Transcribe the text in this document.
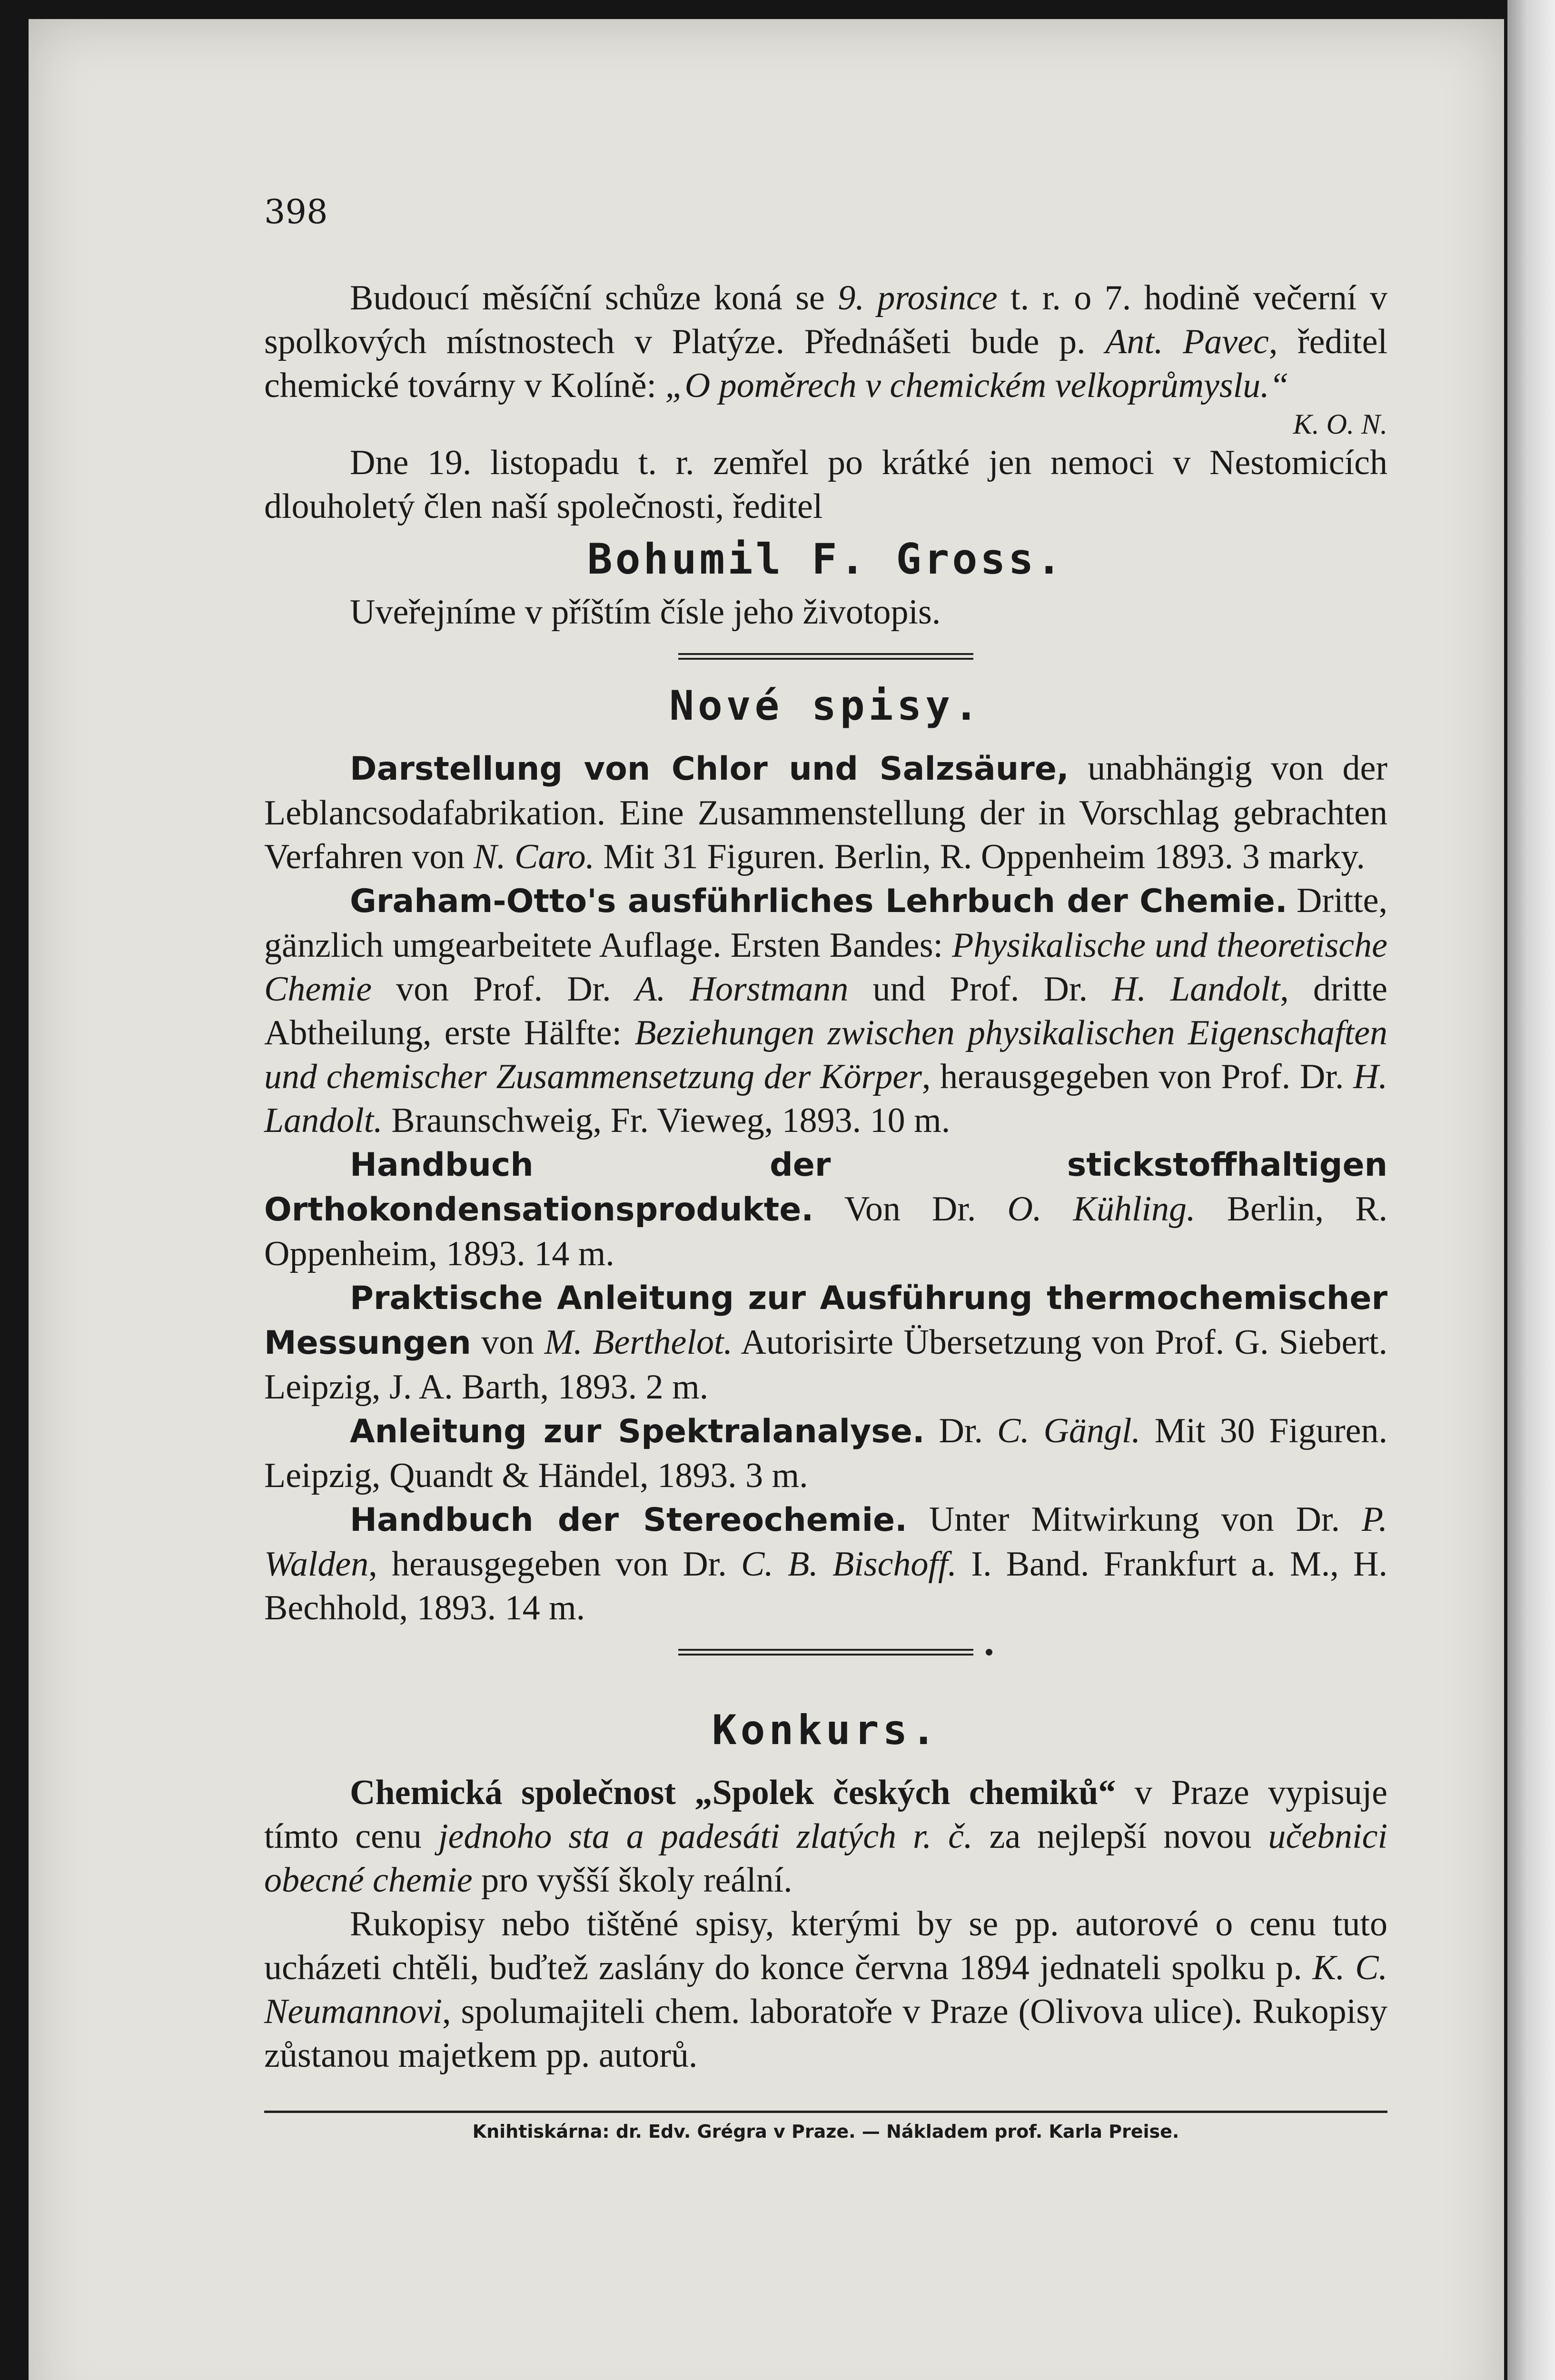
398

Budoucí měsíční schůze koná se 9. prosince t. r. o 7. hodině večerní v spolkových místnostech v Platýze. Přednášeti bude p. Ant. Pavec, ředitel chemické továrny v Kolíně: „O poměrech v chemickém velkoprůmyslu.“

K. O. N.

Dne 19. listopadu t. r. zemřel po krátké jen nemoci v Nestomicích dlouholetý člen naší společnosti, ředitel

Bohumil F. Gross.

Uveřejníme v příštím čísle jeho životopis.

Nové spisy.

Darstellung von Chlor und Salzsäure, unabhängig von der Leblancsodafabrikation. Eine Zusammenstellung der in Vorschlag gebrachten Verfahren von N. Caro. Mit 31 Figuren. Berlin, R. Oppenheim 1893. 3 marky.

Graham-Otto's ausführliches Lehrbuch der Chemie. Dritte, gänzlich umgearbeitete Auflage. Ersten Bandes: Physikalische und theoretische Chemie von Prof. Dr. A. Horstmann und Prof. Dr. H. Landolt, dritte Abtheilung, erste Hälfte: Beziehungen zwischen physikalischen Eigenschaften und chemischer Zusammensetzung der Körper, herausgegeben von Prof. Dr. H. Landolt. Braunschweig, Fr. Vieweg, 1893. 10 m.

Handbuch der stickstoffhaltigen Orthokondensationsprodukte. Von Dr. O. Kühling. Berlin, R. Oppenheim, 1893. 14 m.

Praktische Anleitung zur Ausführung thermochemischer Messungen von M. Berthelot. Autorisirte Übersetzung von Prof. G. Siebert. Leipzig, J. A. Barth, 1893. 2 m.

Anleitung zur Spektralanalyse. Dr. C. Gängl. Mit 30 Figuren. Leipzig, Quandt & Händel, 1893. 3 m.

Handbuch der Stereochemie. Unter Mitwirkung von Dr. P. Walden, herausgegeben von Dr. C. B. Bischoff. I. Band. Frankfurt a. M., H. Bechhold, 1893. 14 m.

Konkurs.

Chemická společnost „Spolek českých chemiků“ v Praze vypisuje tímto cenu jednoho sta a padesáti zlatých r. č. za nejlepší novou učebnici obecné chemie pro vyšší školy reální.

Rukopisy nebo tištěné spisy, kterými by se pp. autorové o cenu tuto ucházeti chtěli, buďtež zaslány do konce června 1894 jednateli spolku p. K. C. Neumannovi, spolumajiteli chem. laboratoře v Praze (Olivova ulice). Rukopisy zůstanou majetkem pp. autorů.

Knihtiskárna: dr. Edv. Grégra v Praze. — Nákladem prof. Karla Preise.
